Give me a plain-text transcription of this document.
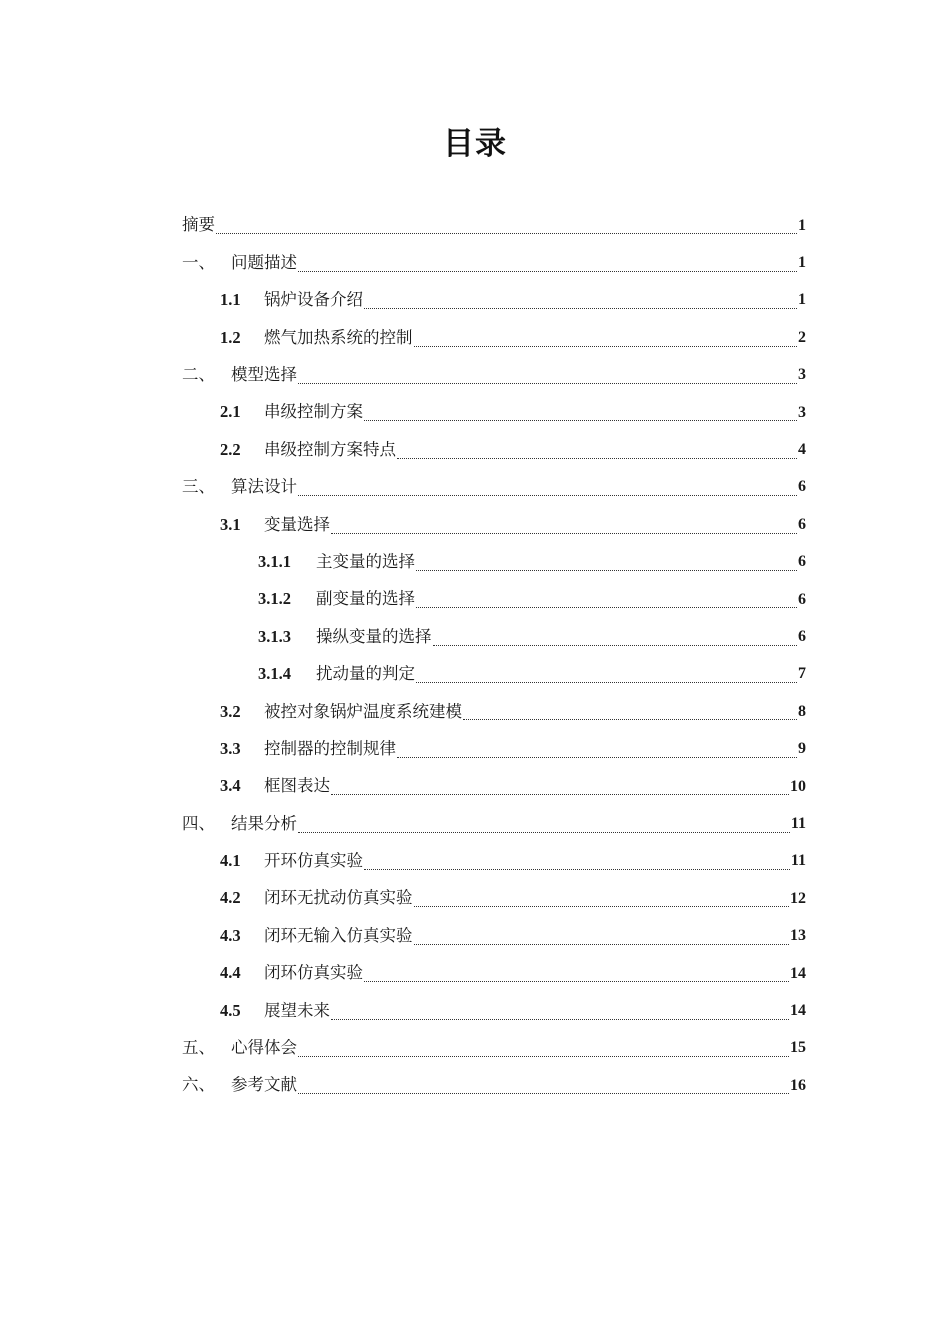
目录
摘要	1
一、 问题描述	1
1.1	锅炉设备介绍	1
1.2	燃气加热系统的控制	2
二、 模型选择	3
2.1	串级控制方案	3
2.2	串级控制方案特点	4
三、 算法设计	6
3.1	变量选择	6
3.1.1	主变量的选择	6
3.1.2	副变量的选择	6
3.1.3	操纵变量的选择	6
3.1.4	扰动量的判定	7
3.2	被控对象锅炉温度系统建模	8
3.3	控制器的控制规律	9
3.4	框图表达	10
四、 结果分析	11
4.1	开环仿真实验	11
4.2	闭环无扰动仿真实验	12
4.3	闭环无输入仿真实验	13
4.4	闭环仿真实验	14
4.5	展望未来	14
五、 心得体会	15
六、 参考文献	16
